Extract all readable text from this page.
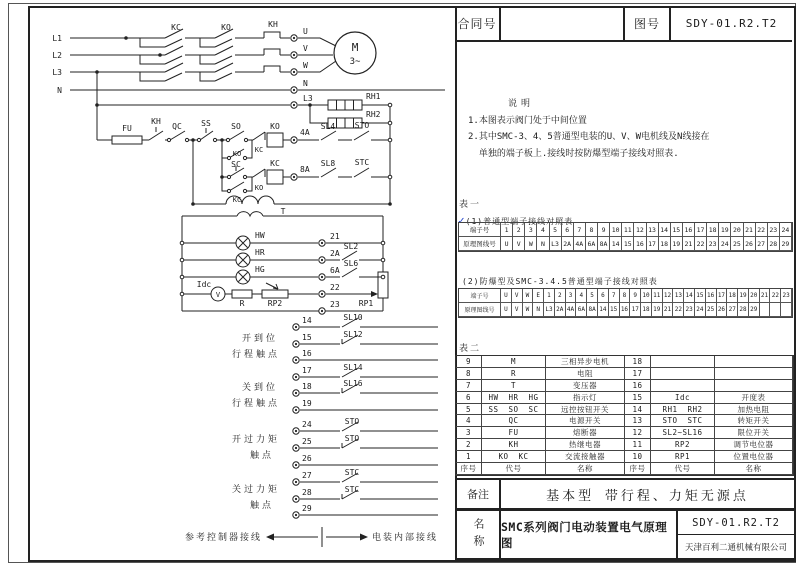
L1
L2
L3
N
KC	KO	KH
U
V
W
N
L3
M
3~
RH1
RH2
FU
KH
QC SS	SO
KO KC
KO
4A
SL4 STO
SC
KC
KO
KC
8A
SL8 STC
T
HW
HR
HG
21
2A
6A
22
23
SL2
SL6
Idc
V
R	RP2	RP1
14
15
16
17
18
19
24
25
26
27
28
29
SL10
SL12
SL14
SL16
STO
STO
STC
STC
开到位
行程触点
关到位
行程触点
开过力矩
触点
关过力矩
触点
参考控制器接线	电装内部接线
合同号	图号	SDY-01.R2.T2
说明
1.本图表示阀门处于中间位置
2.其中SMC-3、4、5普通型电装的U、V、W电机线及N线接在
单独的端子板上.接线时按防爆型端子接线对照表.
表一
✓(1)普通型端子接线对照表
端子号	1	2	3	4	5	6	7	8	9 10 11 12 13 14 15 16 17 18 19 20 21 22 23 24
原理图线号	U	V	W	N L3 2A 4A 6A 8A 14 15 16 17 18 19 21 22 23 24 25 26 27 28 29
(2)防爆型及SMC-3.4.5普通型端子接线对照表
端子号	U	V	W	E	1	2	3	4	5	6	7	8	9 10 11 12 13 14 15 16 17 18 19 20 21 22 23
原理图线号	U	V	W	N L3 2A 4A 6A 8A 14 15 16 17 18 19 21 22 23 24 25 26 27 28 29
表二
9	M	三相异步电机	18
8	R	电阻	17
7	T	变压器	16
6	HW HR HG	指示灯	15	Idc	开度表
5	SS SO SC	远控按钮开关	14	RH1 RH2	加热电阻
4	QC	电源开关	13	STO STC	转矩开关
3	FU	熔断器	12	SL2~SL16	限位开关
2	KH	热继电器	11	RP2	调节电位器
1	KO KC	交流接触器	10	RP1	位置电位器
序号	代号	名称	序号	代号	名称
备注	基本型 带行程、力矩无源点
名称	SMC系列阀门电动装置电气原理图
SDY-01.R2.T2
天津百利二通机械有限公司
